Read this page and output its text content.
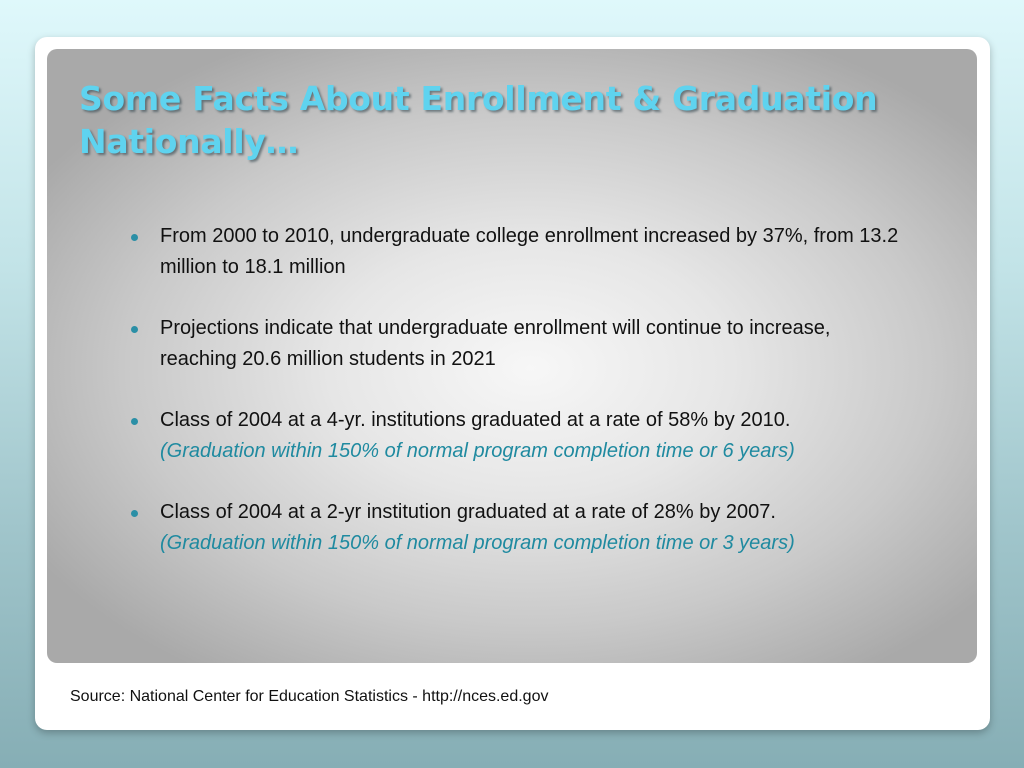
Some Facts About Enrollment & Graduation
Nationally…
From 2000 to 2010, undergraduate college enrollment increased by 37%, from 13.2 million to 18.1 million
Projections indicate that undergraduate enrollment will continue to increase, reaching 20.6 million students in 2021
Class of 2004 at a 4-yr. institutions graduated at a rate of 58% by 2010.
(Graduation within 150% of normal program completion time or 6 years)
Class of 2004 at a 2-yr institution graduated at a rate of 28% by 2007.
(Graduation within 150% of normal program completion time or 3 years)
Source: National Center for Education Statistics - http://nces.ed.gov
